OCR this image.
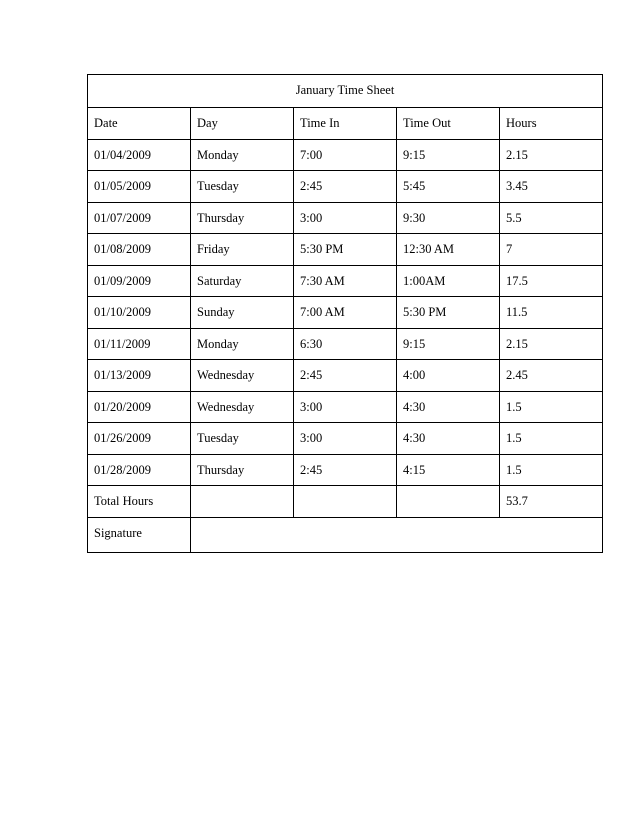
January Time Sheet				
Date	Day	Time In	Time Out	Hours
01/04/2009	Monday	7:00	9:15	2.15
01/05/2009	Tuesday	2:45	5:45	3.45
01/07/2009	Thursday	3:00	9:30	5.5
01/08/2009	Friday	5:30 PM	12:30 AM	7
01/09/2009	Saturday	7:30 AM	1:00AM	17.5
01/10/2009	Sunday	7:00 AM	5:30 PM	11.5
01/11/2009	Monday	6:30	9:15	2.15
01/13/2009	Wednesday	2:45	4:00	2.45
01/20/2009	Wednesday	3:00	4:30	1.5
01/26/2009	Tuesday	3:00	4:30	1.5
01/28/2009	Thursday	2:45	4:15	1.5
Total Hours				53.7
Signature				
